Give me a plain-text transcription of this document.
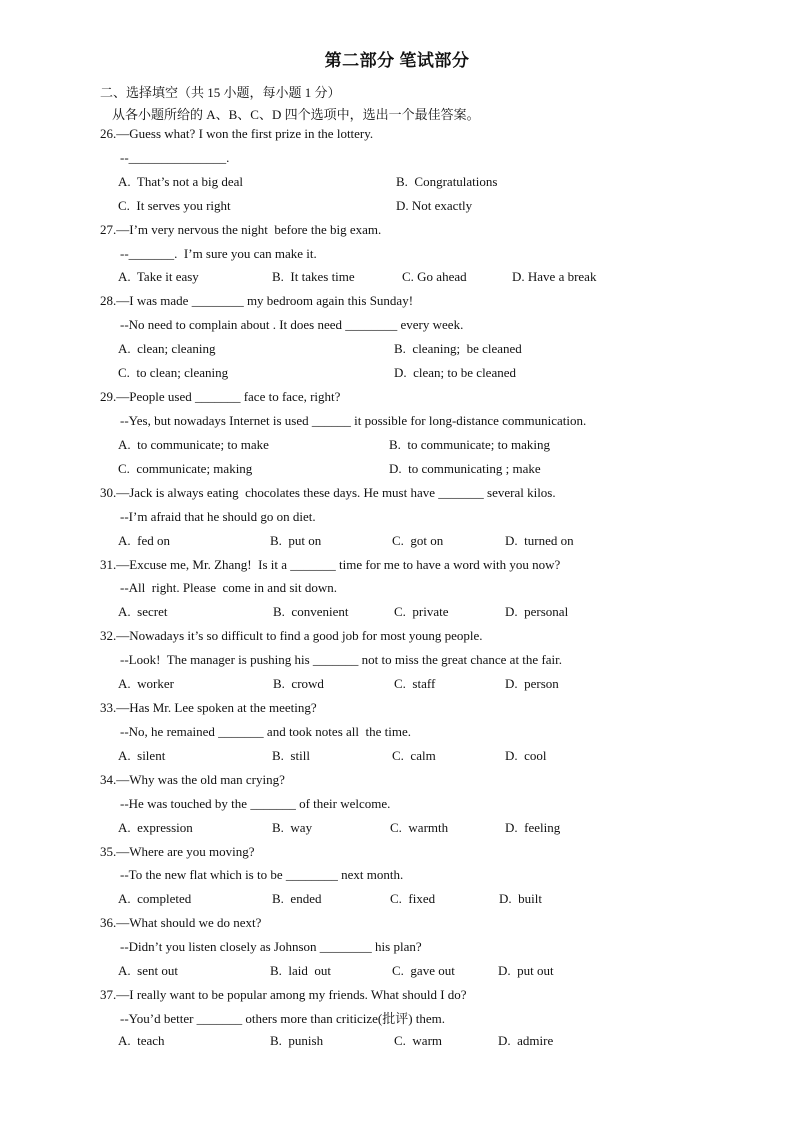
第二部分 笔试部分
二、选择填空（共 15 小题，每小题 1 分）
从各小题所给的 A、B、C、D 四个选项中，选出一个最佳答案。
26.—Guess what? I won the first prize in the lottery.
--_______________.
A.  That’s not a big deal	B.  Congratulations
C.  It serves you right	D. Not exactly
27.—I’m very nervous the night  before the big exam.
--_______.  I’m sure you can make it.
A.  Take it easy	B.  It takes time	C. Go ahead	D. Have a break
28.—I was made ________ my bedroom again this Sunday!
--No need to complain about . It does need ________ every week.
A.  clean; cleaning	B.  cleaning;  be cleaned
C.  to clean; cleaning	D.  clean; to be cleaned
29.—People used _______ face to face, right?
--Yes, but nowadays Internet is used ______ it possible for long-distance communication.
A.  to communicate; to make	B.  to communicate; to making
C.  communicate; making	D.  to communicating ; make
30.—Jack is always eating  chocolates these days. He must have _______ several kilos.
--I’m afraid that he should go on diet.
A.  fed on	B.  put on	C.  got on	D.  turned on
31.—Excuse me, Mr. Zhang!  Is it a _______ time for me to have a word with you now?
--All  right. Please  come in and sit down.
A.  secret	B.  convenient	C.  private	D.  personal
32.—Nowadays it’s so difficult to find a good job for most young people.
--Look!  The manager is pushing his _______ not to miss the great chance at the fair.
A.  worker	B.  crowd	C.  staff	D.  person
33.—Has Mr. Lee spoken at the meeting?
--No, he remained _______ and took notes all  the time.
A.  silent	B.  still	C.  calm	D.  cool
34.—Why was the old man crying?
--He was touched by the _______ of their welcome.
A.  expression	B.  way	C.  warmth	D.  feeling
35.—Where are you moving?
--To the new flat which is to be ________ next month.
A.  completed	B.  ended	C.  fixed	D.  built
36.—What should we do next?
--Didn’t you listen closely as Johnson ________ his plan?
A.  sent out	B.  laid  out	C.  gave out	D.  put out
37.—I really want to be popular among my friends. What should I do?
--You’d better _______ others more than criticize(批评) them.
A.  teach	B.  punish	C.  warm	D.  admire
